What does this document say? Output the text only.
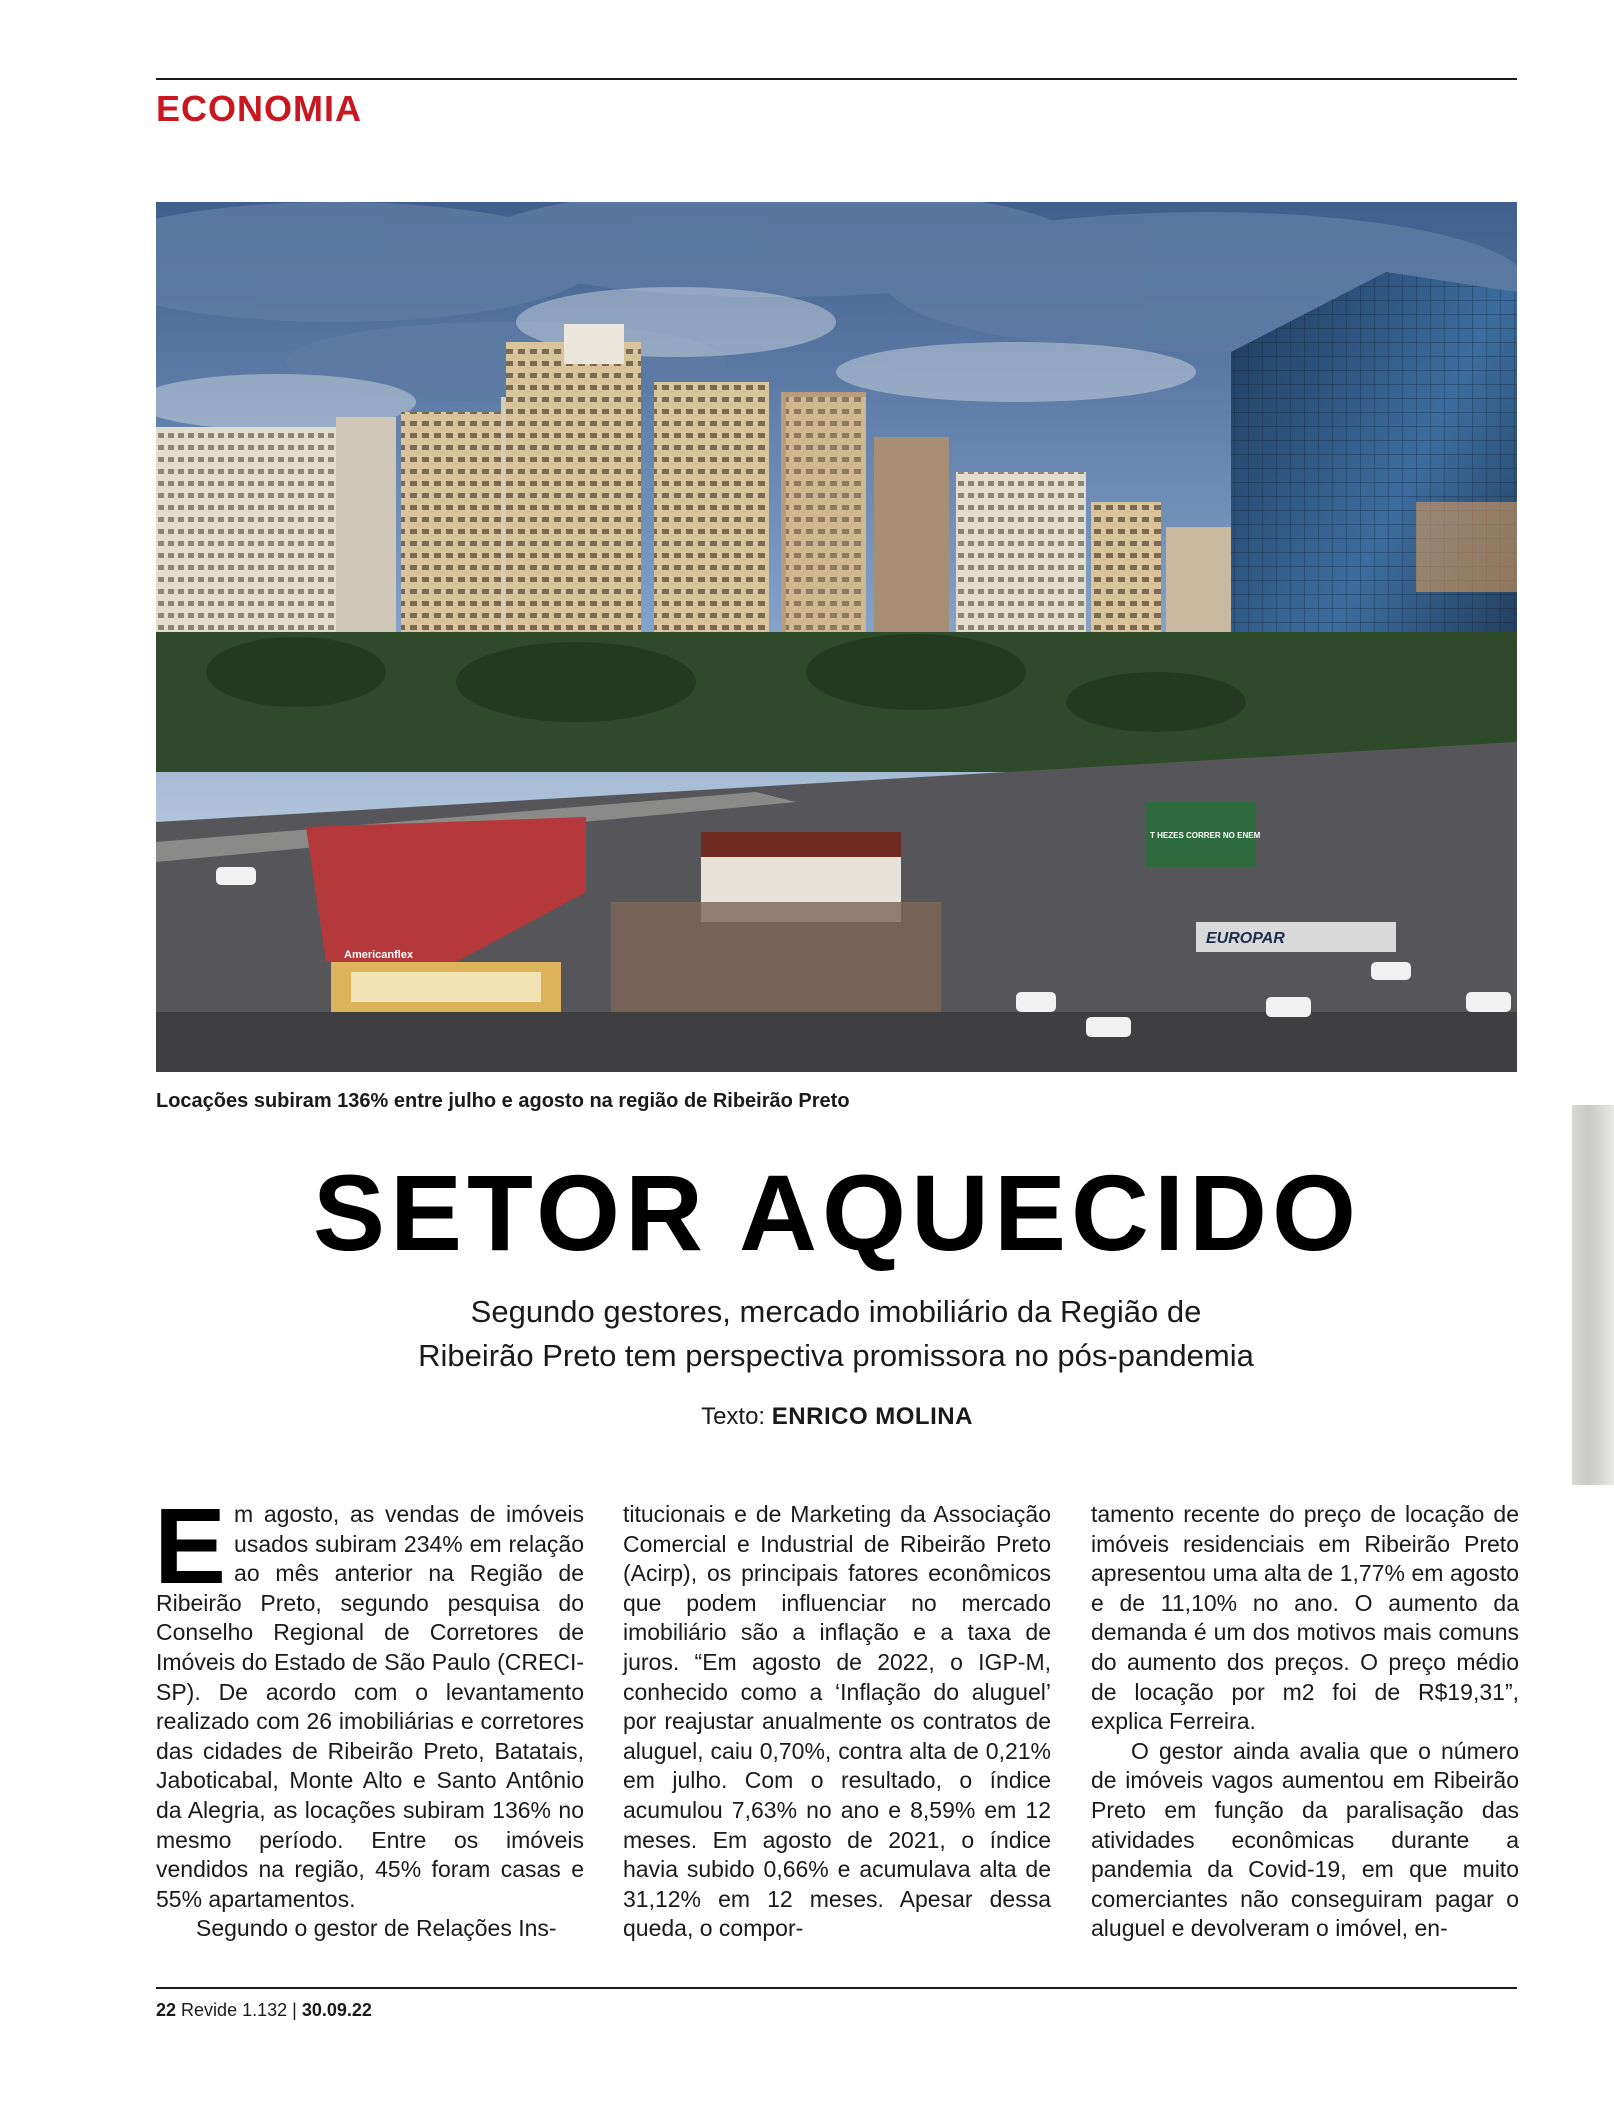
ECONOMIA
Americanflex
EUROPAR
T HEZES CORRER NO ENEM
Locações subiram 136% entre julho e agosto na região de Ribeirão Preto
SETOR AQUECIDO
Segundo gestores, mercado imobiliário da Região de
Ribeirão Preto tem perspectiva promissora no pós-pandemia
Texto: ENRICO MOLINA

Em agosto, as vendas de imóveis usados subiram 234% em relação ao mês anterior na Região de Ribeirão Preto, segundo pesquisa do Conselho Regional de Corretores de Imóveis do Estado de São Paulo (CRECI-SP). De acordo com o levantamento realizado com 26 imobiliárias e corretores das cidades de Ribeirão Preto, Batatais, Jaboticabal, Monte Alto e Santo Antônio da Alegria, as locações subiram 136% no mesmo período. Entre os imóveis vendidos na região, 45% foram casas e 55% apartamentos.

Segundo o gestor de Relações Ins-

titucionais e de Marketing da Associação Comercial e Industrial de Ribeirão Preto (Acirp), os principais fatores econômicos que podem influenciar no mercado imobiliário são a inflação e a taxa de juros. “Em agosto de 2022, o IGP-M, conhecido como a ‘Inflação do aluguel’ por reajustar anualmente os contratos de aluguel, caiu 0,70%, contra alta de 0,21% em julho. Com o resultado, o índice acumulou 7,63% no ano e 8,59% em 12 meses. Em agosto de 2021, o índice havia subido 0,66% e acumulava alta de 31,12% em 12 meses. Apesar dessa queda, o compor-

tamento recente do preço de locação de imóveis residenciais em Ribeirão Preto apresentou uma alta de 1,77% em agosto e de 11,10% no ano. O aumento da demanda é um dos motivos mais comuns do aumento dos preços. O preço médio de locação por m2 foi de R$19,31”, explica Ferreira.

O gestor ainda avalia que o número de imóveis vagos aumentou em Ribeirão Preto em função da paralisação das atividades econômicas durante a pandemia da Covid-19, em que muito comerciantes não conseguiram pagar o aluguel e devolveram o imóvel, en-

22 Revide 1.132 | 30.09.22
